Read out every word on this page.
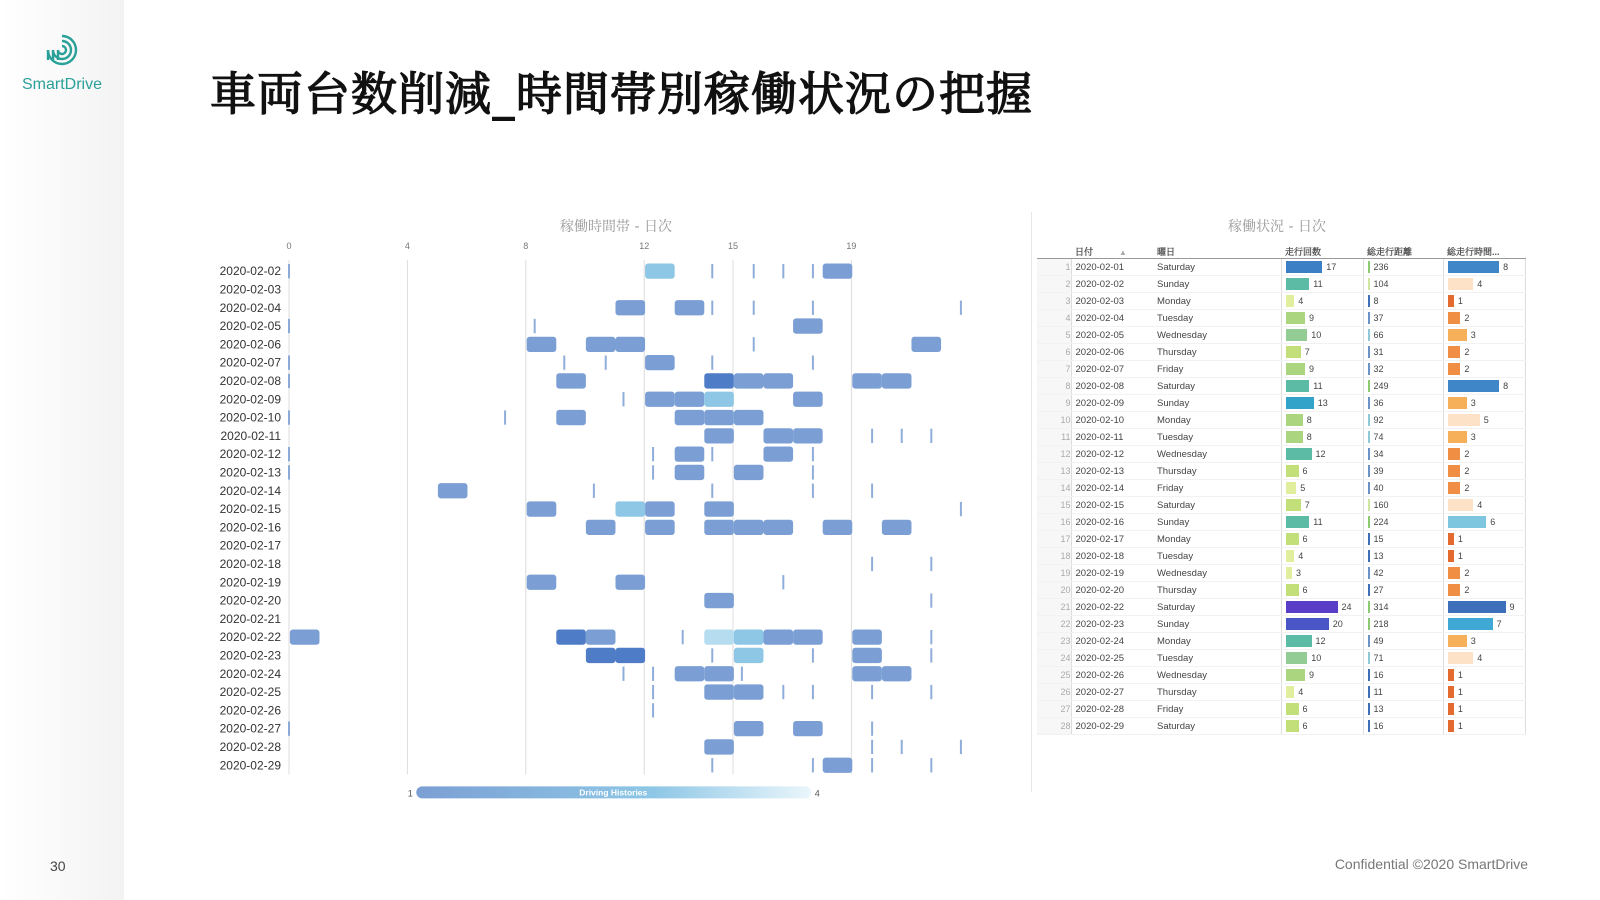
SmartDrive
30
車両台数削減_時間帯別稼働状況の把握
稼働時間帯 - 日次
0	4	8	12	15	19
2020-02-02
2020-02-03
2020-02-04
2020-02-05
2020-02-06
2020-02-07
2020-02-08
2020-02-09
2020-02-10
2020-02-11
2020-02-12
2020-02-13
2020-02-14
2020-02-15
2020-02-16
2020-02-17
2020-02-18
2020-02-19
2020-02-20
2020-02-21
2020-02-22
2020-02-23
2020-02-24
2020-02-25
2020-02-26
2020-02-27
2020-02-28
2020-02-29
1	4
Driving Histories
稼働状況 - 日次
	日付 ▲	曜日	走行回数	総走行距離	総走行時間...
1	2020-02-01	Saturday	17	236	8
2	2020-02-02	Sunday	11	104	4
3	2020-02-03	Monday	4	8	1
4	2020-02-04	Tuesday	9	37	2
5	2020-02-05	Wednesday	10	66	3
6	2020-02-06	Thursday	7	31	2
7	2020-02-07	Friday	9	32	2
8	2020-02-08	Saturday	11	249	8
9	2020-02-09	Sunday	13	36	3
10	2020-02-10	Monday	8	92	5
11	2020-02-11	Tuesday	8	74	3
12	2020-02-12	Wednesday	12	34	2
13	2020-02-13	Thursday	6	39	2
14	2020-02-14	Friday	5	40	2
15	2020-02-15	Saturday	7	160	4
16	2020-02-16	Sunday	11	224	6
17	2020-02-17	Monday	6	15	1
18	2020-02-18	Tuesday	4	13	1
19	2020-02-19	Wednesday	3	42	2
20	2020-02-20	Thursday	6	27	2
21	2020-02-22	Saturday	24	314	9
22	2020-02-23	Sunday	20	218	7
23	2020-02-24	Monday	12	49	3
24	2020-02-25	Tuesday	10	71	4
25	2020-02-26	Wednesday	9	16	1
26	2020-02-27	Thursday	4	11	1
27	2020-02-28	Friday	6	13	1
28	2020-02-29	Saturday	6	16	1
Confidential ©2020 SmartDrive
